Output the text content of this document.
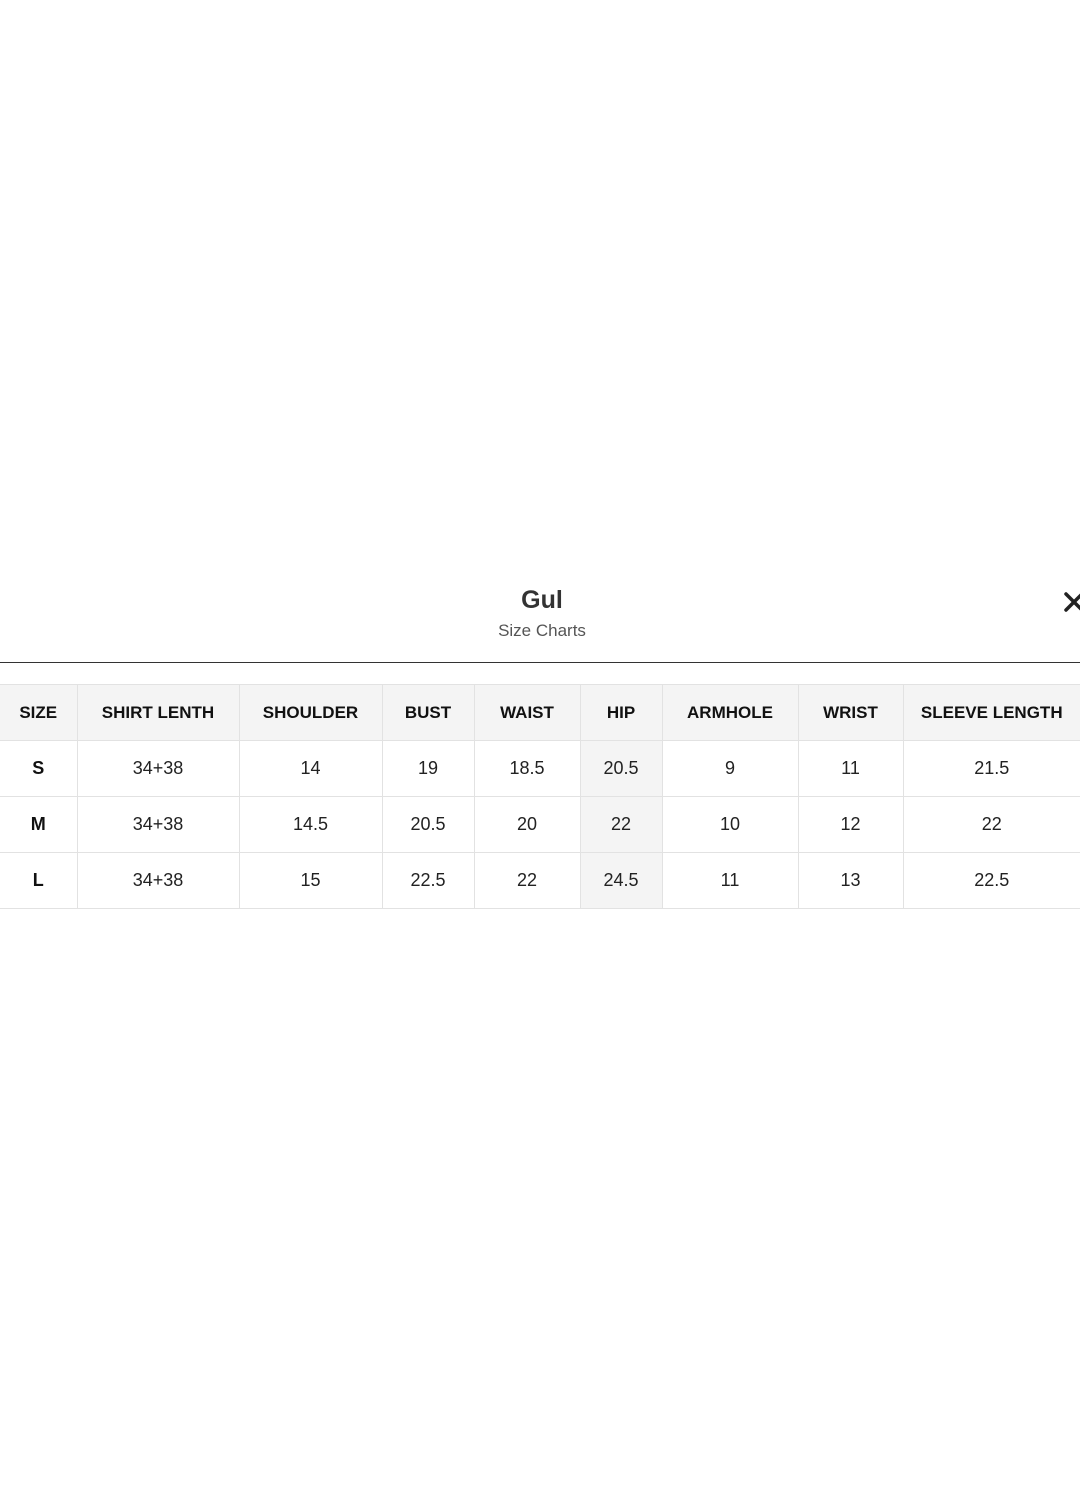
Gul
Size Charts
SIZE	SHIRT LENTH	SHOULDER	BUST	WAIST	HIP	ARMHOLE	WRIST	SLEEVE LENGTH
S	34+38	14	19	18.5	20.5	9	11	21.5
M	34+38	14.5	20.5	20	22	10	12	22
L	34+38	15	22.5	22	24.5	11	13	22.5
